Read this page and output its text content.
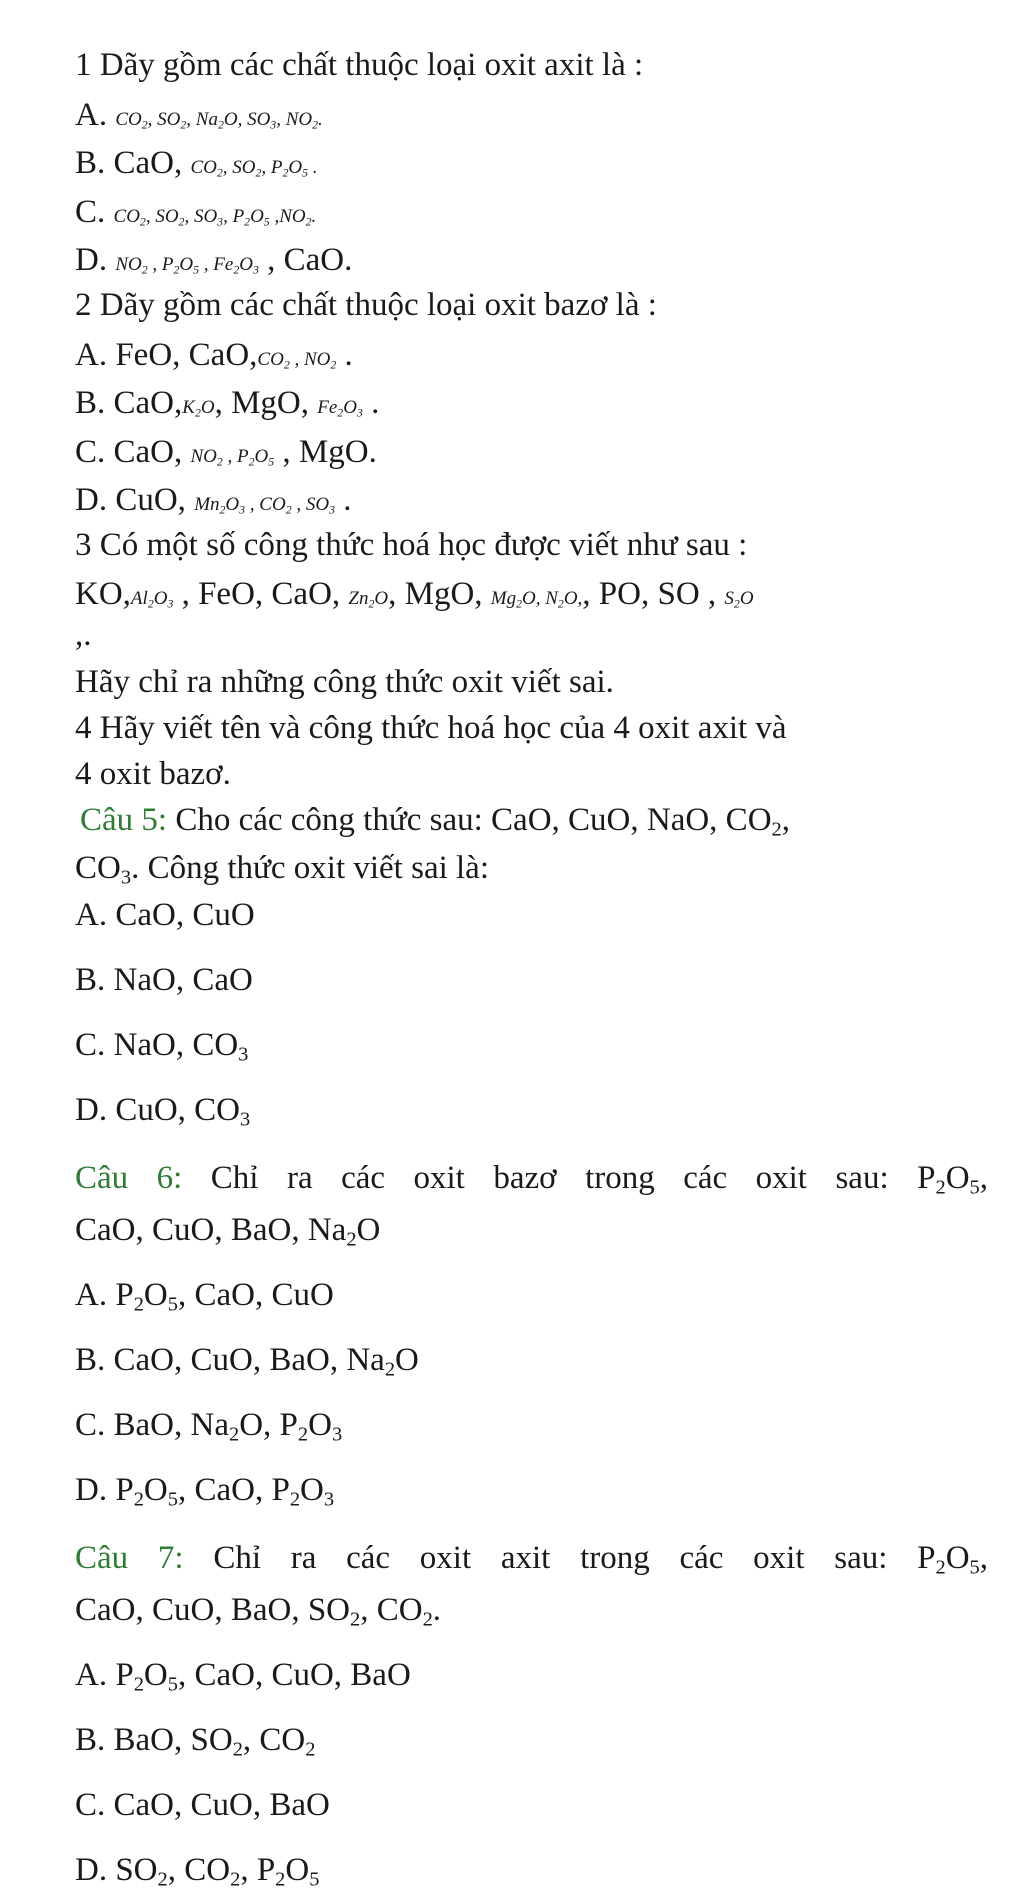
1 Dãy gồm các chất thuộc loại oxit axit là :
A. $CO_2$, $SO_2$, $Na_2O$, $SO_3$, $NO_2$.
B. CaO, $CO_2$, $SO_2$, $P_2O_5$ .
C. $CO_2$, $SO_2$, $SO_3$, $P_2O_5$ $,NO_2$.
D. $NO_2$ , $P_2O_5$ , $Fe_2O_3$ , CaO.
2 Dãy gồm các chất thuộc loại oxit bazơ là :
A. FeO, $CaO,CO_2$ , $NO_2$ .
B. $CaO,K_2O$, MgO, $Fe_2O_3$ .
C. CaO, $NO_2$ , $P_2O_5$ , MgO.
D. CuO, $Mn_2O_3$ , $CO_2$ , $SO_3$ .
3 Có một số công thức hoá học được viết như sau :
$KO,Al_2O_3$ , FeO, CaO, $Zn_2O$, MgO, $Mg_2O$, $N_2O$,, PO, SO , $S_2O$
,.
Hãy chỉ ra những công thức oxit viết sai.
4 Hãy viết tên và công thức hoá học của 4 oxit axit và
4 oxit bazơ.
Câu 5: Cho các công thức sau: CaO, CuO, NaO, $CO_2$,
$CO_3$. Công thức oxit viết sai là:
A. CaO, CuO
B. NaO, CaO
C. NaO, $CO_3$
D. CuO, $CO_3$
Câu 6: Chỉ ra các oxit bazơ trong các oxit sau: $P_2O_5$,
CaO, CuO, BaO, $Na_2O$
A. $P_2O_5$, CaO, CuO
B. CaO, CuO, BaO, $Na_2O$
C. BaO, $Na_2O$, $P_2O_3$
D. $P_2O_5$, CaO, $P_2O_3$
Câu 7: Chỉ ra các oxit axit trong các oxit sau: $P_2O_5$,
CaO, CuO, BaO, $SO_2$, $CO_2$.
A. $P_2O_5$, CaO, CuO, BaO
B. BaO, $SO_2$, $CO_2$
C. CaO, CuO, BaO
D. $SO_2$, $CO_2$, $P_2O_5$
